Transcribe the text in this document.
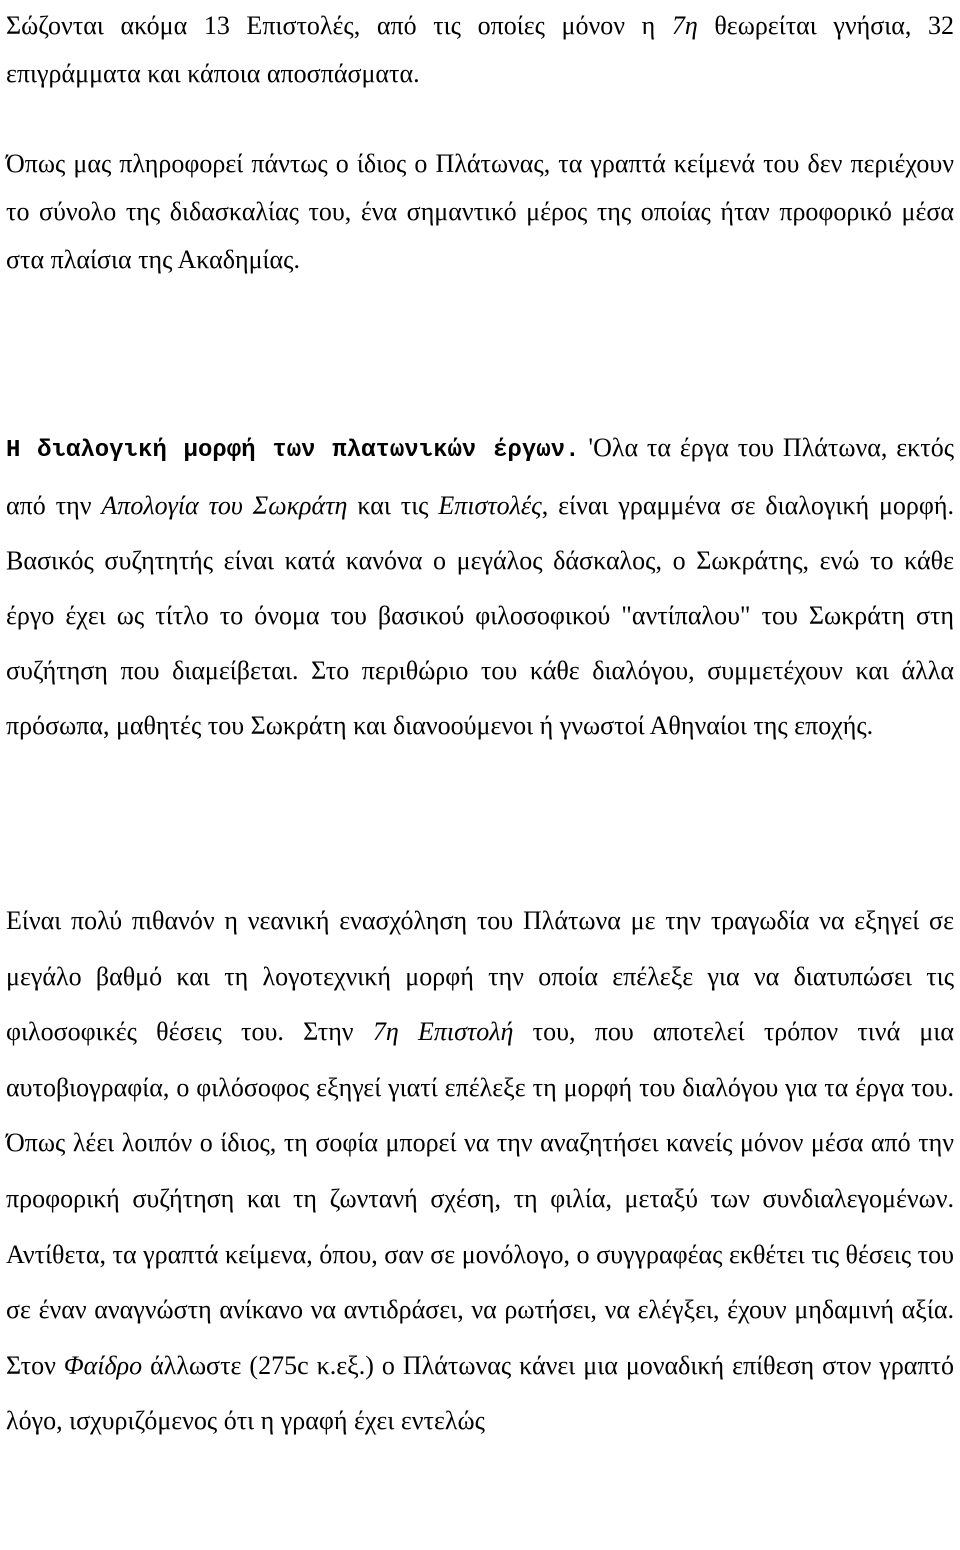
Σώζονται ακόμα 13 Επιστολές, από τις οποίες μόνον η 7η θεωρείται γνήσια, 32 επιγράμματα και κάποια αποσπάσματα.

Όπως μας πληροφορεί πάντως ο ίδιος ο Πλάτωνας, τα γραπτά κείμενά του δεν περιέχουν το σύνολο της διδασκαλίας του, ένα σημαντικό μέρος της οποίας ήταν προφορικό μέσα στα πλαίσια της Ακαδημίας.

Η διαλογική μορφή των πλατωνικών έργων. 'Ολα τα έργα του Πλάτωνα, εκτός από την Απολογία του Σωκράτη και τις Επιστολές, είναι γραμμένα σε διαλογική μορφή. Βασικός συζητητής είναι κατά κανόνα ο μεγάλος δάσκαλος, ο Σωκράτης, ενώ το κάθε έργο έχει ως τίτλο το όνομα του βασικού φιλοσοφικού "αντίπαλου" του Σωκράτη στη συζήτηση που διαμείβεται. Στο περιθώριο του κάθε διαλόγου, συμμετέχουν και άλλα πρόσωπα, μαθητές του Σωκράτη και διανοούμενοι ή γνωστοί Αθηναίοι της εποχής.

Είναι πολύ πιθανόν η νεανική ενασχόληση του Πλάτωνα με την τραγωδία να εξηγεί σε μεγάλο βαθμό και τη λογοτεχνική μορφή την οποία επέλεξε για να διατυπώσει τις φιλοσοφικές θέσεις του. Στην 7η Επιστολή του, που αποτελεί τρόπον τινά μια αυτοβιογραφία, ο φιλόσοφος εξηγεί γιατί επέλεξε τη μορφή του διαλόγου για τα έργα του. Όπως λέει λοιπόν ο ίδιος, τη σοφία μπορεί να την αναζητήσει κανείς μόνον μέσα από την προφορική συζήτηση και τη ζωντανή σχέση, τη φιλία, μεταξύ των συνδιαλεγομένων. Αντίθετα, τα γραπτά κείμενα, όπου, σαν σε μονόλογο, ο συγγραφέας εκθέτει τις θέσεις του σε έναν αναγνώστη ανίκανο να αντιδράσει, να ρωτήσει, να ελέγξει, έχουν μηδαμινή αξία. Στον Φαίδρο άλλωστε (275c κ.εξ.) ο Πλάτωνας κάνει μια μοναδική επίθεση στον γραπτό λόγο, ισχυριζόμενος ότι η γραφή έχει εντελώς
